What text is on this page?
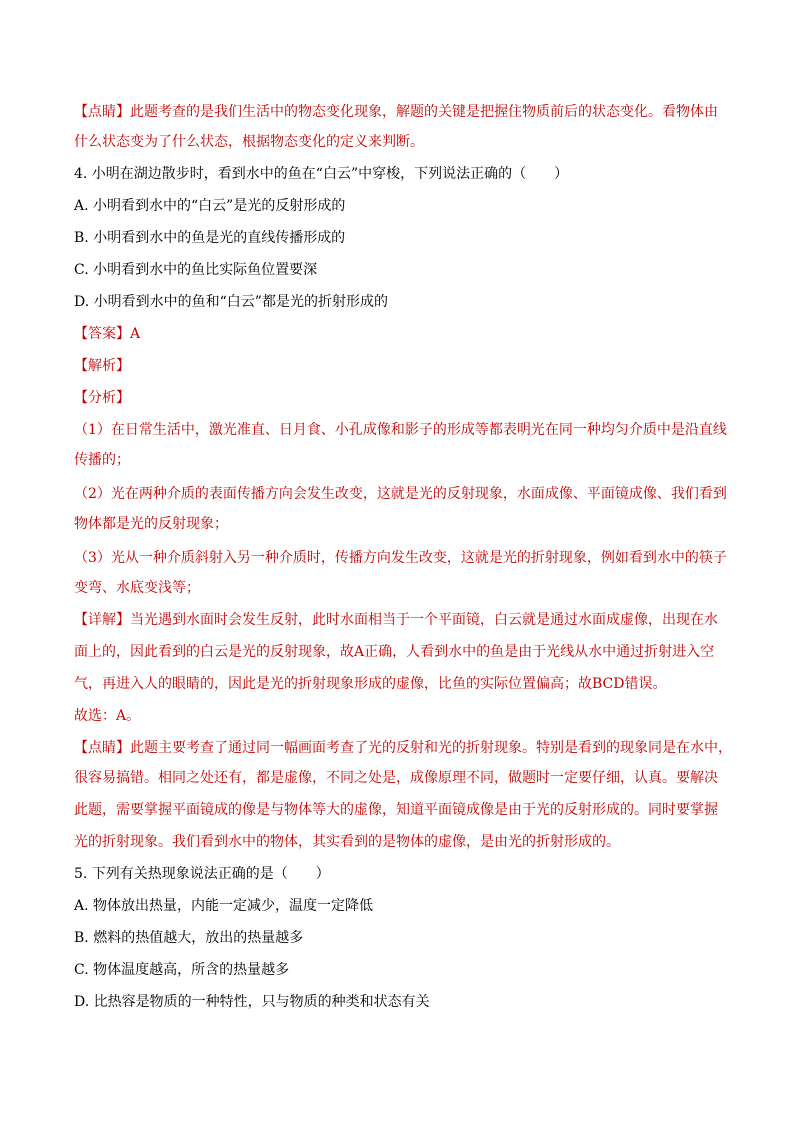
【点睛】此题考查的是我们生活中的物态变化现象，解题的关键是把握住物质前后的状态变化。看物体由
什么状态变为了什么状态，根据物态变化的定义来判断。
4. 小明在湖边散步时，看到水中的鱼在“白云”中穿梭，下列说法正确的（　　）
A. 小明看到水中的“白云”是光的反射形成的
B. 小明看到水中的鱼是光的直线传播形成的
C. 小明看到水中的鱼比实际鱼位置要深
D. 小明看到水中的鱼和“白云”都是光的折射形成的
【答案】A
【解析】
【分析】
（1）在日常生活中，激光准直、日月食、小孔成像和影子的形成等都表明光在同一种均匀介质中是沿直线
传播的；
（2）光在两种介质的表面传播方向会发生改变，这就是光的反射现象，水面成像、平面镜成像、我们看到
物体都是光的反射现象；
（3）光从一种介质斜射入另一种介质时，传播方向发生改变，这就是光的折射现象，例如看到水中的筷子
变弯、水底变浅等；
【详解】当光遇到水面时会发生反射，此时水面相当于一个平面镜，白云就是通过水面成虚像，出现在水
面上的，因此看到的白云是光的反射现象，故A正确，人看到水中的鱼是由于光线从水中通过折射进入空
气，再进入人的眼睛的，因此是光的折射现象形成的虚像，比鱼的实际位置偏高；故BCD错误。
故选：A。
【点睛】此题主要考查了通过同一幅画面考查了光的反射和光的折射现象。特别是看到的现象同是在水中，
很容易搞错。相同之处还有，都是虚像，不同之处是，成像原理不同，做题时一定要仔细，认真。要解决
此题，需要掌握平面镜成的像是与物体等大的虚像，知道平面镜成像是由于光的反射形成的。同时要掌握
光的折射现象。我们看到水中的物体，其实看到的是物体的虚像，是由光的折射形成的。
5. 下列有关热现象说法正确的是（　　）
A. 物体放出热量，内能一定减少，温度一定降低
B. 燃料的热值越大，放出的热量越多
C. 物体温度越高，所含的热量越多
D. 比热容是物质的一种特性，只与物质的种类和状态有关
